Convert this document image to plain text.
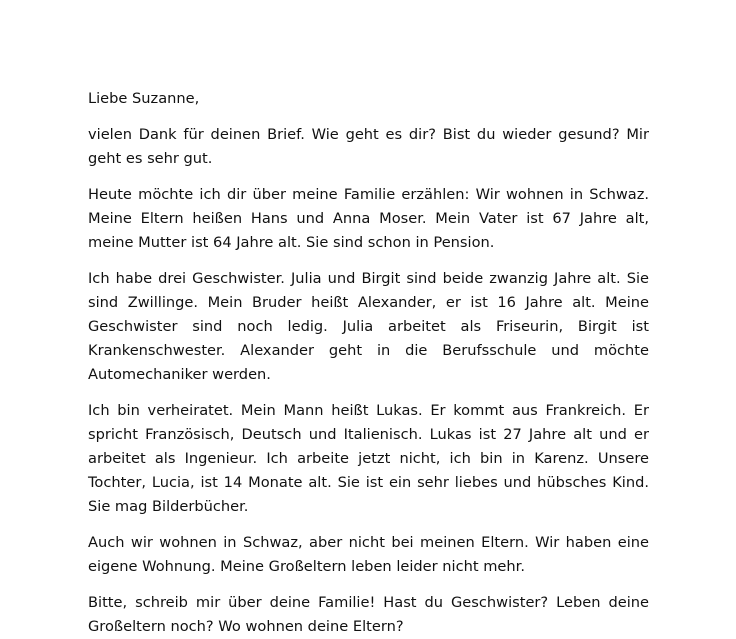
Liebe Suzanne,

vielen Dank für deinen Brief. Wie geht es dir? Bist du wieder gesund? Mir geht es sehr gut.

Heute möchte ich dir über meine Familie erzählen: Wir wohnen in Schwaz. Meine Eltern heißen Hans und Anna Moser. Mein Vater ist 67 Jahre alt, meine Mutter ist 64 Jahre alt. Sie sind schon in Pension.

Ich habe drei Geschwister. Julia und Birgit sind beide zwanzig Jahre alt. Sie sind Zwillinge. Mein Bruder heißt Alexander, er ist 16 Jahre alt. Meine Geschwister sind noch ledig. Julia arbeitet als Friseurin, Birgit ist Krankenschwester. Alexander geht in die Berufsschule und möchte Automechaniker werden.

Ich bin verheiratet. Mein Mann heißt Lukas. Er kommt aus Frankreich. Er spricht Französisch, Deutsch und Italienisch. Lukas ist 27 Jahre alt und er arbeitet als Ingenieur. Ich arbeite jetzt nicht, ich bin in Karenz. Unsere Tochter, Lucia, ist 14 Monate alt. Sie ist ein sehr liebes und hübsches Kind. Sie mag Bilderbücher.

Auch wir wohnen in Schwaz, aber nicht bei meinen Eltern. Wir haben eine eigene Wohnung. Meine Großeltern leben leider nicht mehr.

Bitte, schreib mir über deine Familie! Hast du Geschwister? Leben deine Großeltern noch? Wo wohnen deine Eltern?
